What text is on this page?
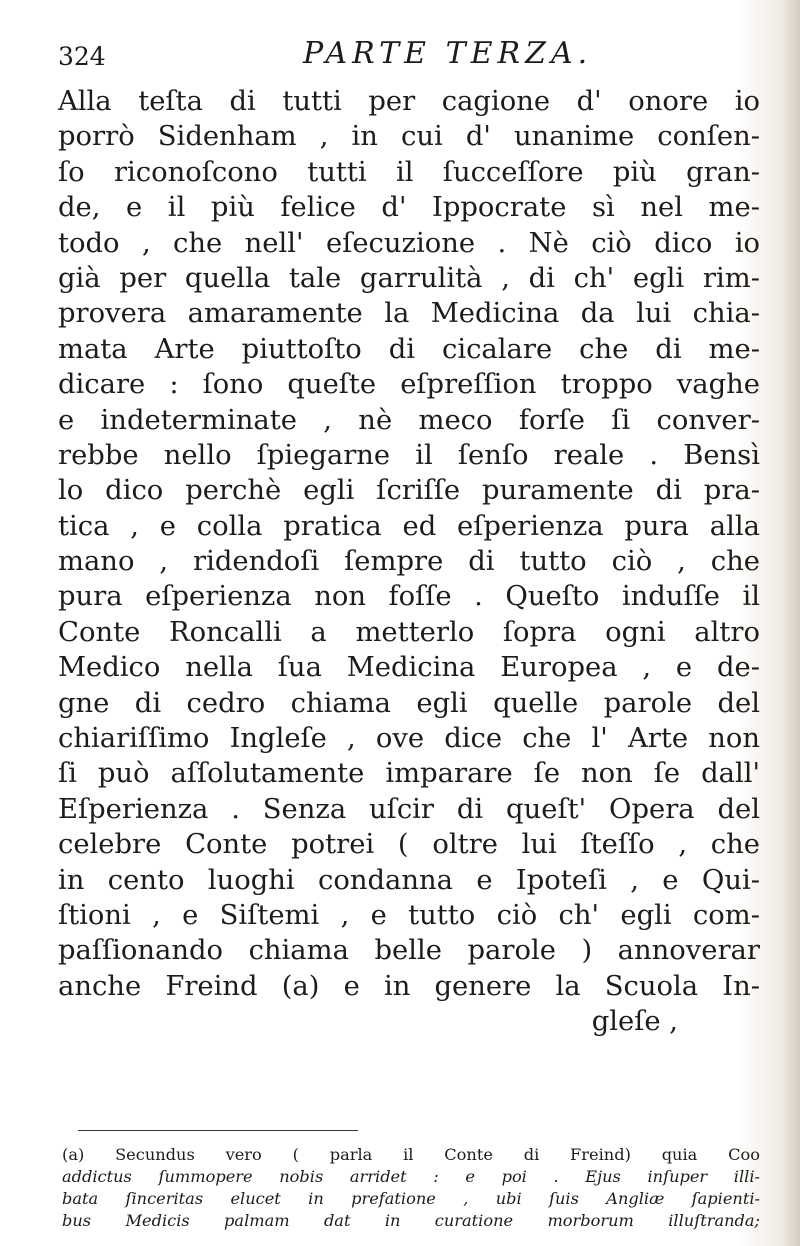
324	PARTE TERZA.
Alla teſta di tutti per cagione d' onore io
porrò Sidenham , in cui d' unanime conſen-
ſo riconoſcono tutti il ſucceſſore più gran-
de, e il più felice d' Ippocrate sì nel me-
todo , che nell' eſecuzione . Nè ciò dico io
già per quella tale garrulità , di ch' egli rim-
provera amaramente la Medicina da lui chia-
mata Arte piuttoſto di cicalare che di me-
dicare : ſono queſte eſpreſſion troppo vaghe
e indeterminate , nè meco forſe ſi conver-
rebbe nello ſpiegarne il ſenſo reale . Bensì
lo dico perchè egli ſcriſſe puramente di pra-
tica , e colla pratica ed eſperienza pura alla
mano , ridendoſi ſempre di tutto ciò , che
pura eſperienza non foſſe . Queſto induſſe il
Conte Roncalli a metterlo ſopra ogni altro
Medico nella ſua Medicina Europea , e de-
gne di cedro chiama egli quelle parole del
chiariſſimo Ingleſe , ove dice che l' Arte non
ſi può aſſolutamente imparare ſe non ſe dall'
Eſperienza . Senza uſcir di queſt' Opera del
celebre Conte potrei ( oltre lui ſteſſo , che
in cento luoghi condanna e Ipoteſi , e Qui-
ſtioni , e Siſtemi , e tutto ciò ch' egli com-
paſſionando chiama belle parole ) annoverar
anche Freind (a) e in genere la Scuola In-
gleſe ,
(a) Secundus vero ( parla il Conte di Freind) quia Coo
addictus ſummopere nobis arridet : e poi . Ejus inſuper illi-
bata ſinceritas elucet in prefatione , ubi ſuis Angliæ ſapienti-
bus Medicis palmam dat in curatione morborum illuſtranda;
